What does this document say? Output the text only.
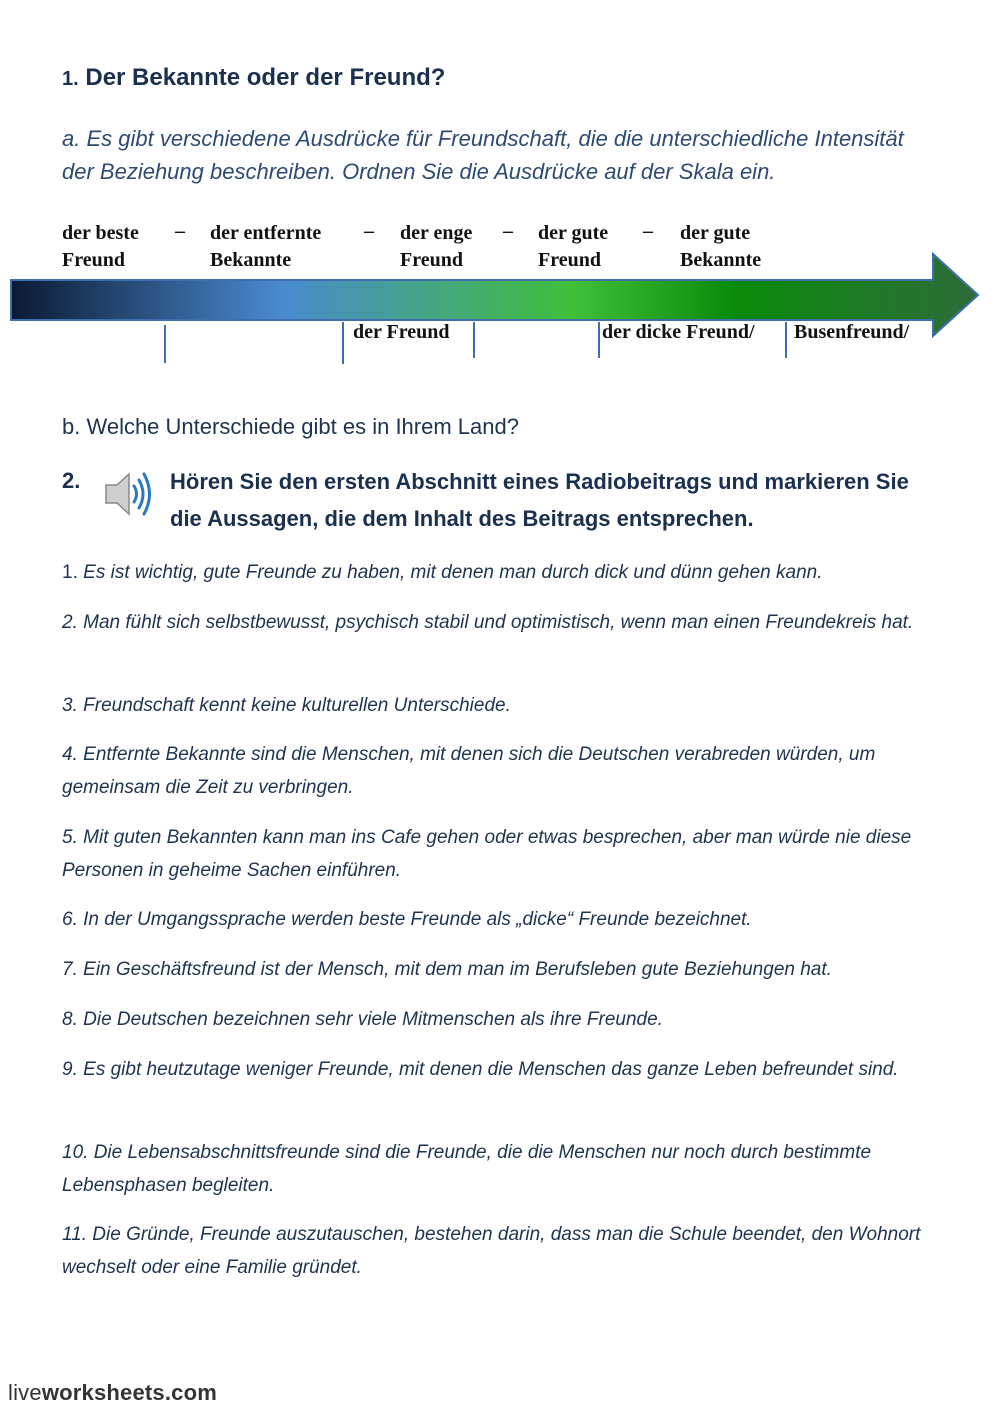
1. Der Bekannte oder der Freund?
a. Es gibt verschiedene Ausdrücke für Freundschaft, die die unterschiedliche Intensität der Beziehung beschreiben. Ordnen Sie die Ausdrücke auf der Skala ein.
der beste
Freund
– der entfernte
Bekannte
– der enge
Freund
– der gute
Freund
– der gute
Bekannte
der Freund	der dicke Freund/ Busenfreund/
b. Welche Unterschiede gibt es in Ihrem Land?
2.	Hören Sie den ersten Abschnitt eines Radiobeitrags und markieren Sie die Aussagen, die dem Inhalt des Beitrags entsprechen.
1. Es ist wichtig, gute Freunde zu haben, mit denen man durch dick und dünn gehen kann.
2. Man fühlt sich selbstbewusst, psychisch stabil und optimistisch, wenn man einen Freundekreis hat.
3. Freundschaft kennt keine kulturellen Unterschiede.
4. Entfernte Bekannte sind die Menschen, mit denen sich die Deutschen verabreden würden, um gemeinsam die Zeit zu verbringen.
5. Mit guten Bekannten kann man ins Cafe gehen oder etwas besprechen, aber man würde nie diese Personen in geheime Sachen einführen.
6. In der Umgangssprache werden beste Freunde als „dicke“ Freunde bezeichnet.
7. Ein Geschäftsfreund ist der Mensch, mit dem man im Berufsleben gute Beziehungen hat.
8. Die Deutschen bezeichnen sehr viele Mitmenschen als ihre Freunde.
9. Es gibt heutzutage weniger Freunde, mit denen die Menschen das ganze Leben befreundet sind.
10. Die Lebensabschnittsfreunde sind die Freunde, die die Menschen nur noch durch bestimmte Lebensphasen begleiten.
11. Die Gründe, Freunde auszutauschen, bestehen darin, dass man die Schule beendet, den Wohnort wechselt oder eine Familie gründet.
liveworksheets.com
